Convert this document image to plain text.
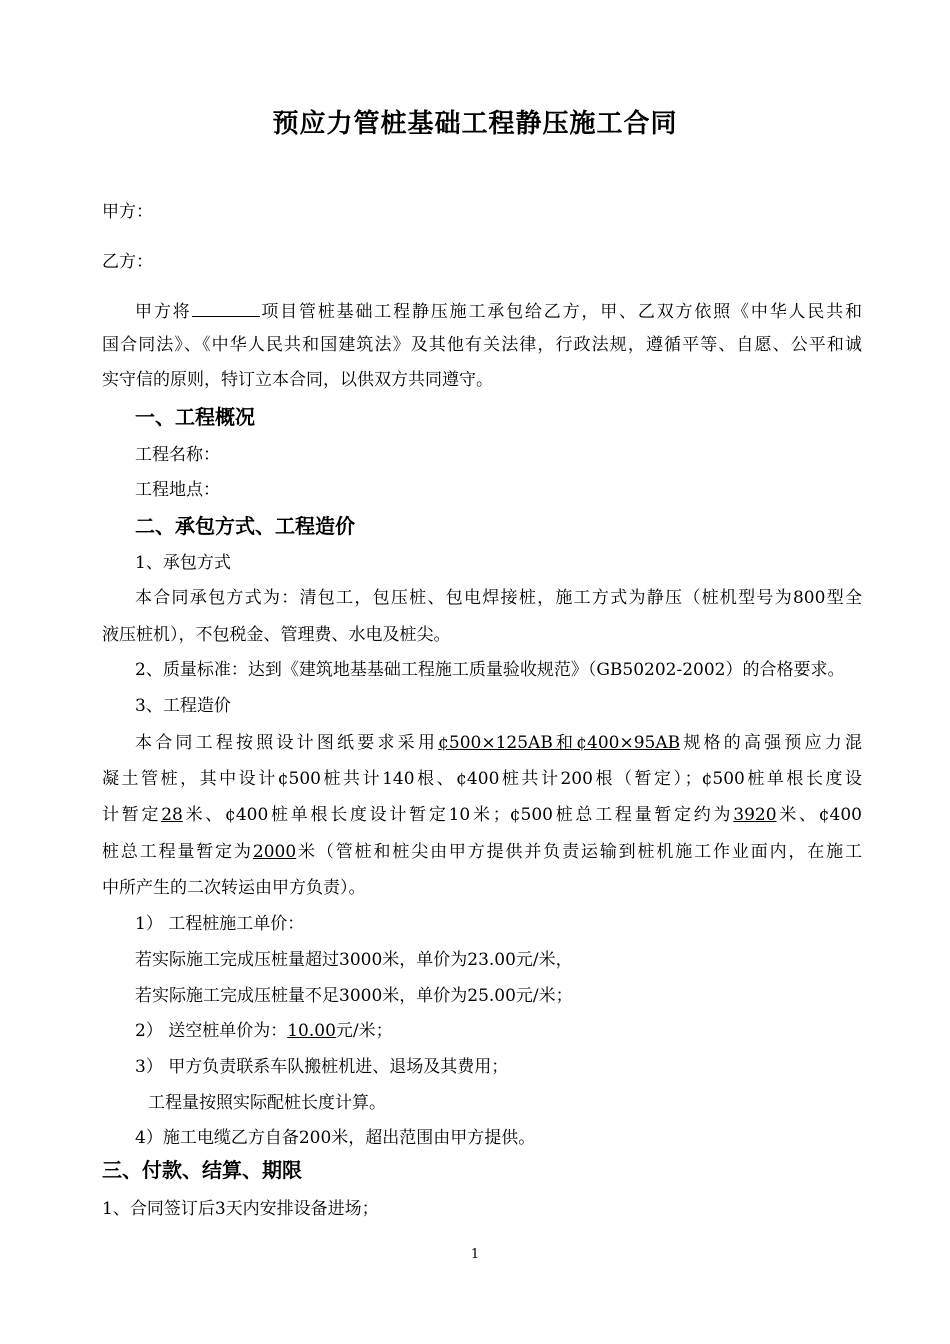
预应力管桩基础工程静压施工合同
甲方：
乙方：
甲方将	项目管桩基础工程静压施工承包给乙方，甲、乙双方依照《中华人民共和
国合同法》、《中华人民共和国建筑法》及其他有关法律，行政法规，遵循平等、自愿、公平和诚
实守信的原则，特订立本合同，以供双方共同遵守。
一、工程概况
工程名称：
工程地点：
二、承包方式、工程造价
1、承包方式
本合同承包方式为：清包工，包压桩、包电焊接桩，施工方式为静压（桩机型号为800型全
液压桩机），不包税金、管理费、水电及桩尖。
2、质量标准：达到《建筑地基基础工程施工质量验收规范》（GB50202-2002）的合格要求。
3、工程造价
本合同工程按照设计图纸要求采用¢500×125AB和¢400×95AB规格的高强预应力混
凝土管桩，其中设计¢500桩共计140根、¢400桩共计200根（暂定）；¢500桩单根长度设
计暂定28米、¢400桩单根长度设计暂定10米；¢500桩总工程量暂定约为3920米、¢400
桩总工程量暂定为2000米（管桩和桩尖由甲方提供并负责运输到桩机施工作业面内，在施工
中所产生的二次转运由甲方负责）。
1） 工程桩施工单价：
若实际施工完成压桩量超过3000米，单价为23.00元/米，
若实际施工完成压桩量不足3000米，单价为25.00元/米；
2） 送空桩单价为：10.00元/米；
3） 甲方负责联系车队搬桩机进、退场及其费用；
工程量按照实际配桩长度计算。
4）施工电缆乙方自备200米，超出范围由甲方提供。
三、付款、结算、期限
1、合同签订后3天内安排设备进场；
1
